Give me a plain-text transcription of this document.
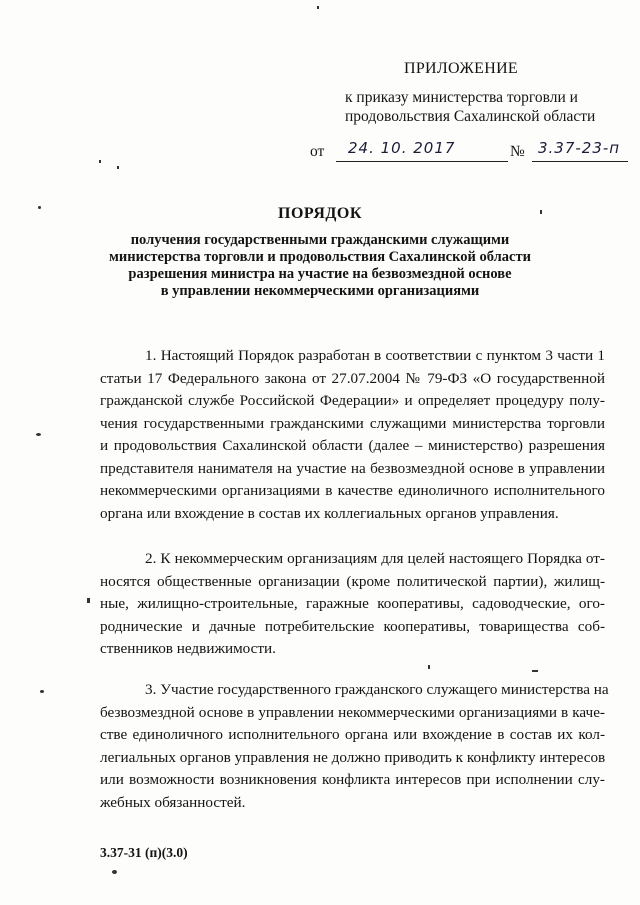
ПРИЛОЖЕНИЕ
к приказу министерства торговли и
продовольствия Сахалинской области
от 24. 10. 2017	№ 3.37-23-п
ПОРЯДОК
получения государственными гражданскими служащими
министерства торговли и продовольствия Сахалинской области
разрешения министра на участие на безвозмездной основе
в управлении некоммерческими организациями
1. Настоящий Порядок разработан в соответствии с пунктом 3 части 1
статьи 17 Федерального закона от 27.07.2004 № 79-ФЗ «О государственной
гражданской службе Российской Федерации» и определяет процедуру полу-
чения государственными гражданскими служащими министерства торговли
и продовольствия Сахалинской области (далее – министерство) разрешения
представителя нанимателя на участие на безвозмездной основе в управлении
некоммерческими организациями в качестве единоличного исполнительного
органа или вхождение в состав их коллегиальных органов управления.
2. К некоммерческим организациям для целей настоящего Порядка от-
носятся общественные организации (кроме политической партии), жилищ-
ные, жилищно-строительные, гаражные кооперативы, садоводческие, ого-
роднические и дачные потребительские кооперативы, товарищества соб-
ственников недвижимости.
3. Участие государственного гражданского служащего министерства на
безвозмездной основе в управлении некоммерческими организациями в каче-
стве единоличного исполнительного органа или вхождение в состав их кол-
легиальных органов управления не должно приводить к конфликту интересов
или возможности возникновения конфликта интересов при исполнении слу-
жебных обязанностей.
3.37-31 (п)(3.0)
